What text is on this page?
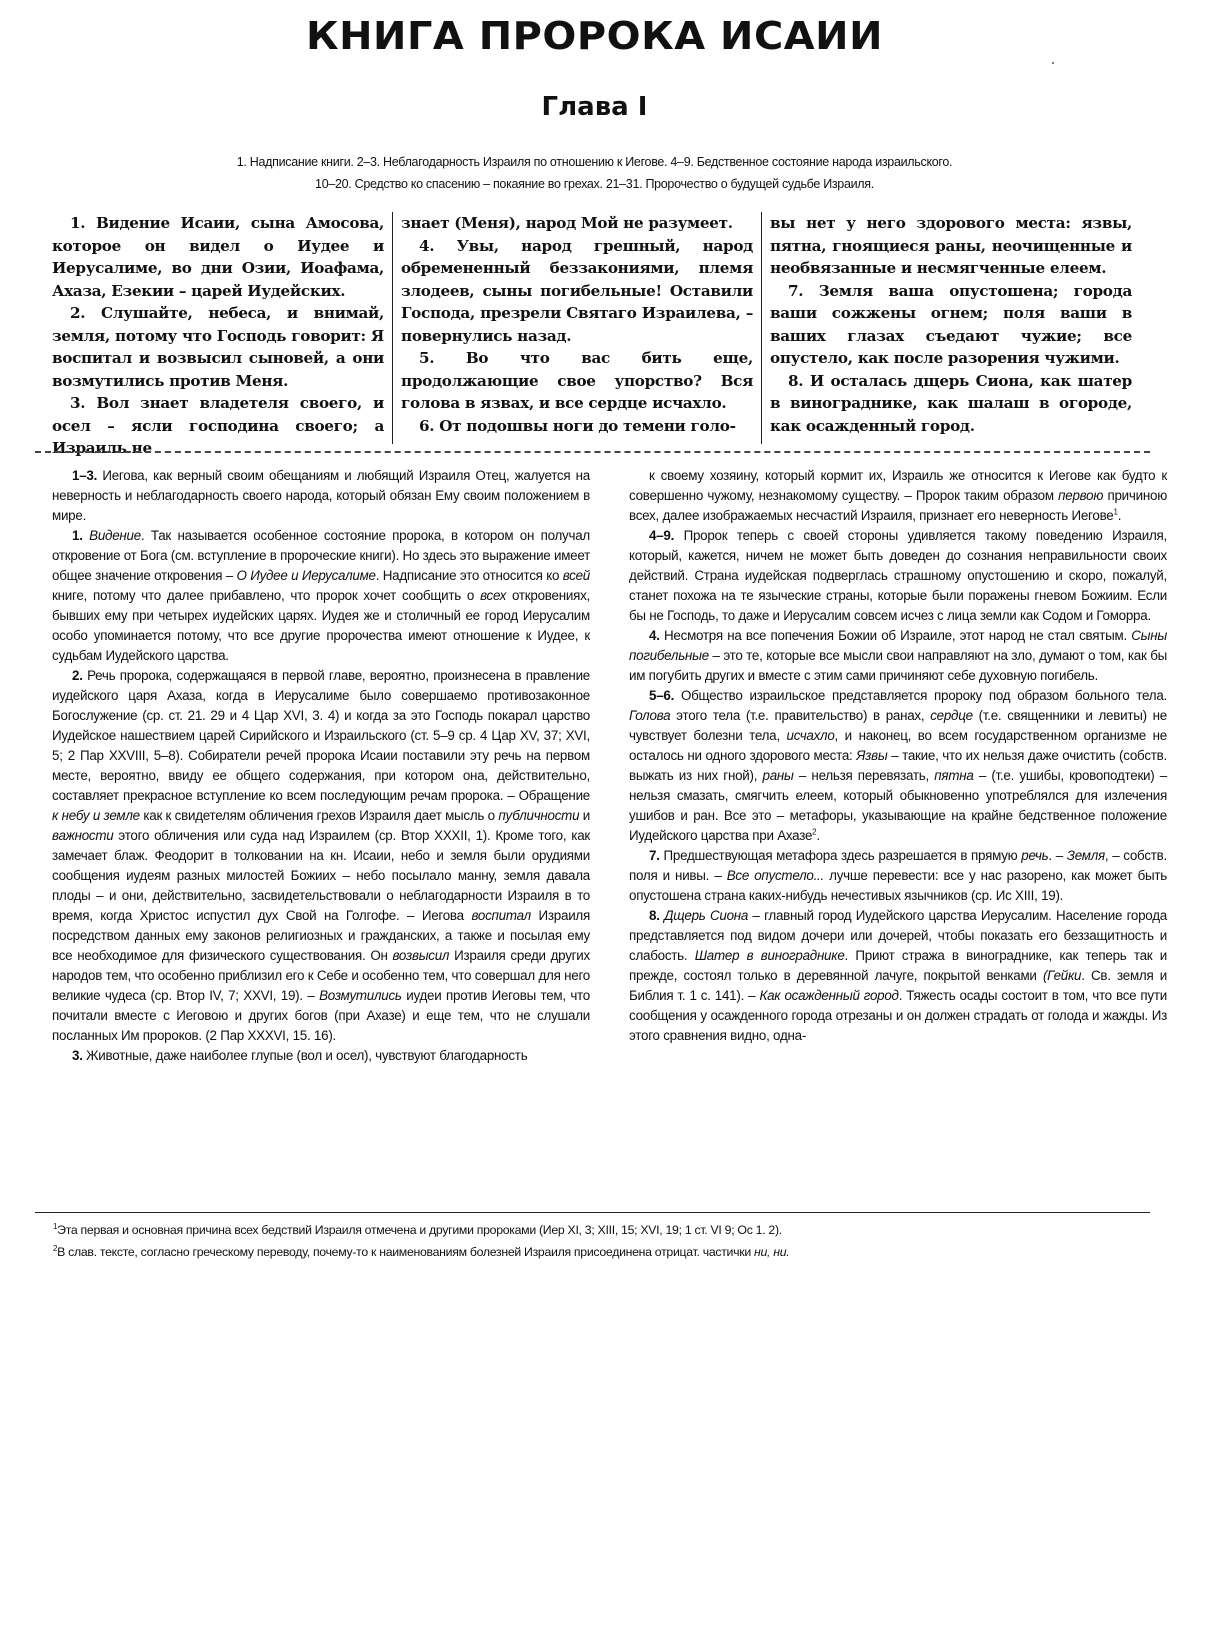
КНИГА ПРОРОКА ИСАИИ
Глава I
1. Надписание книги. 2–3. Неблагодарность Израиля по отношению к Иегове. 4–9. Бедственное состояние народа израильского.
10–20. Средство ко спасению – покаяние во грехах. 21–31. Пророчество о будущей судьбе Израиля.

1. Видение Исаии, сына Амосова, которое он видел о Иудее и Иерусалиме, во дни Озии, Иоафама, Ахаза, Езекии – царей Иудейских.

2. Слушайте, небеса, и внимай, земля, потому что Господь говорит: Я воспитал и возвысил сыновей, а они возмутились против Меня.

3. Вол знает владетеля своего, и осел – ясли господина своего; а Израиль не

знает (Меня), народ Мой не разумеет.

4. Увы, народ грешный, народ обремененный беззакониями, племя злодеев, сыны погибельные! Оставили Господа, презрели Святаго Израилева, – повернулись назад.

5. Во что вас бить еще, продолжающие свое упорство? Вся голова в язвах, и все сердце исчахло.

6. От подошвы ноги до темени голо-

вы нет у него здорового места: язвы, пятна, гноящиеся раны, неочищенные и необвязанные и несмягченные елеем.

7. Земля ваша опустошена; города ваши сожжены огнем; поля ваши в ваших глазах съедают чужие; все опустело, как после разорения чужими.

8. И осталась дщерь Сиона, как шатер в винограднике, как шалаш в огороде, как осажденный город.

1–3. Иегова, как верный своим обещаниям и любящий Израиля Отец, жалуется на неверность и неблагодарность своего народа, который обязан Ему своим положением в мире.

1. Видение. Так называется особенное состояние пророка, в котором он получал откровение от Бога (см. вступление в пророческие книги). Но здесь это выражение имеет общее значение откровения – О Иудее и Иерусалиме. Надписание это относится ко всей книге, потому что далее прибавлено, что пророк хочет сообщить о всех откровениях, бывших ему при четырех иудейских царях. Иудея же и столичный ее город Иерусалим особо упоминается потому, что все другие пророчества имеют отношение к Иудее, к судьбам Иудейского царства.

2. Речь пророка, содержащаяся в первой главе, вероятно, произнесена в правление иудейского царя Ахаза, когда в Иерусалиме было совершаемо противозаконное Богослужение (ср. ст. 21. 29 и 4 Цар XVI, 3. 4) и когда за это Господь покарал царство Иудейское нашествием царей Сирийского и Израильского (ст. 5–9 ср. 4 Цар XV, 37; XVI, 5; 2 Пар XXVIII, 5–8). Собиратели речей пророка Исаии поставили эту речь на первом месте, вероятно, ввиду ее общего содержания, при котором она, действительно, составляет прекрасное вступление ко всем последующим речам пророка. – Обращение к небу и земле как к свидетелям обличения грехов Израиля дает мысль о публичности и важности этого обличения или суда над Израилем (ср. Втор XXXII, 1). Кроме того, как замечает блаж. Феодорит в толковании на кн. Исаии, небо и земля были орудиями сообщения иудеям разных милостей Божиих – небо посылало манну, земля давала плоды – и они, действительно, засвидетельствовали о неблагодарности Израиля в то время, когда Христос испустил дух Свой на Голгофе. – Иегова воспитал Израиля посредством данных ему законов религиозных и гражданских, а также и посылая ему все необходимое для физического существования. Он возвысил Израиля среди других народов тем, что особенно приблизил его к Себе и особенно тем, что совершал для него великие чудеса (ср. Втор IV, 7; XXVI, 19). – Возмутились иудеи против Иеговы тем, что почитали вместе с Иеговою и других богов (при Ахазе) и еще тем, что не слушали посланных Им пророков. (2 Пар XXXVI, 15. 16).

3. Животные, даже наиболее глупые (вол и осел), чувствуют благодарность

к своему хозяину, который кормит их, Израиль же относится к Иегове как будто к совершенно чужому, незнакомому существу. – Пророк таким образом первою причиною всех, далее изображаемых несчастий Израиля, признает его неверность Иегове$^1$.

4–9. Пророк теперь с своей стороны удивляется такому поведению Израиля, который, кажется, ничем не может быть доведен до сознания неправильности своих действий. Страна иудейская подверглась страшному опустошению и скоро, пожалуй, станет похожа на те языческие страны, которые были поражены гневом Божиим. Если бы не Господь, то даже и Иерусалим совсем исчез с лица земли как Содом и Гоморра.

4. Несмотря на все попечения Божии об Израиле, этот народ не стал святым. Сыны погибельные – это те, которые все мысли свои направляют на зло, думают о том, как бы им погубить других и вместе с этим сами причиняют себе духовную погибель.

5–6. Общество израильское представляется пророку под образом больного тела. Голова этого тела (т.е. правительство) в ранах, сердце (т.е. священники и левиты) не чувствует болезни тела, исчахло, и наконец, во всем государственном организме не осталось ни одного здорового места: Язвы – такие, что их нельзя даже очистить (собств. выжать из них гной), раны – нельзя перевязать, пятна – (т.е. ушибы, кровоподтеки) – нельзя смазать, смягчить елеем, который обыкновенно употреблялся для излечения ушибов и ран. Все это – метафоры, указывающие на крайне бедственное положение Иудейского царства при Ахазе$^2$.

7. Предшествующая метафора здесь разрешается в прямую речь. – Земля, – собств. поля и нивы. – Все опустело... лучше перевести: все у нас разорено, как может быть опустошена страна каких-нибудь нечестивых язычников (ср. Ис XIII, 19).

8. Дщерь Сиона – главный город Иудейского царства Иерусалим. Население города представляется под видом дочери или дочерей, чтобы показать его беззащитность и слабость. Шатер в винограднике. Приют стража в винограднике, как теперь так и прежде, состоял только в деревянной лачуге, покрытой венками (Гейки. Св. земля и Библия т. 1 с. 141). – Как осажденный город. Тяжесть осады состоит в том, что все пути сообщения у осажденного города отрезаны и он должен страдать от голода и жажды. Из этого сравнения видно, одна-

$^1$Эта первая и основная причина всех бедствий Израиля отмечена и другими пророками (Иер XI, 3; XIII, 15; XVI, 19; 1 ст. VI 9; Ос 1. 2).

$^2$В слав. тексте, согласно греческому переводу, почему-то к наименованиям болезней Израиля присоединена отрицат. частички ни, ни.
